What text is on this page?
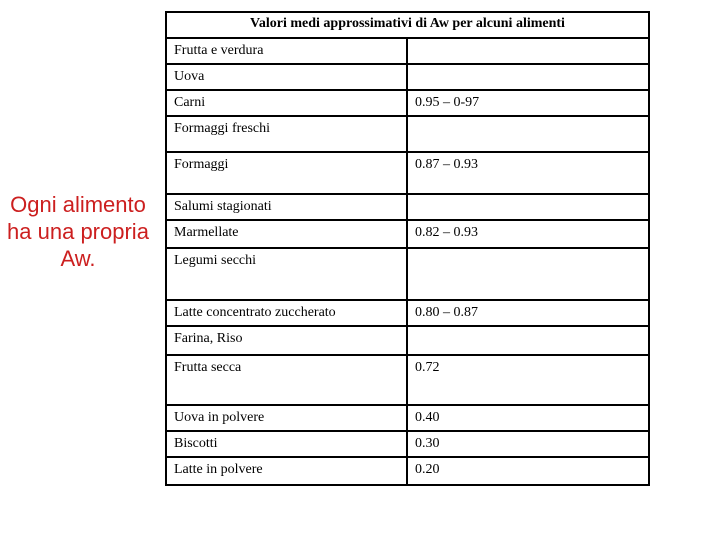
Ogni alimento ha una propria Aw.
Valori medi approssimativi di Aw per alcuni alimenti	
Frutta e verdura	
Uova	
Carni	0.95 – 0-97
Formaggi freschi	
Formaggi	0.87 – 0.93
Salumi stagionati	
Marmellate	0.82 – 0.93
Legumi secchi	
Latte concentrato zuccherato	0.80 – 0.87
Farina, Riso	
Frutta secca	0.72
Uova in polvere	0.40
Biscotti	0.30
Latte in polvere	0.20
